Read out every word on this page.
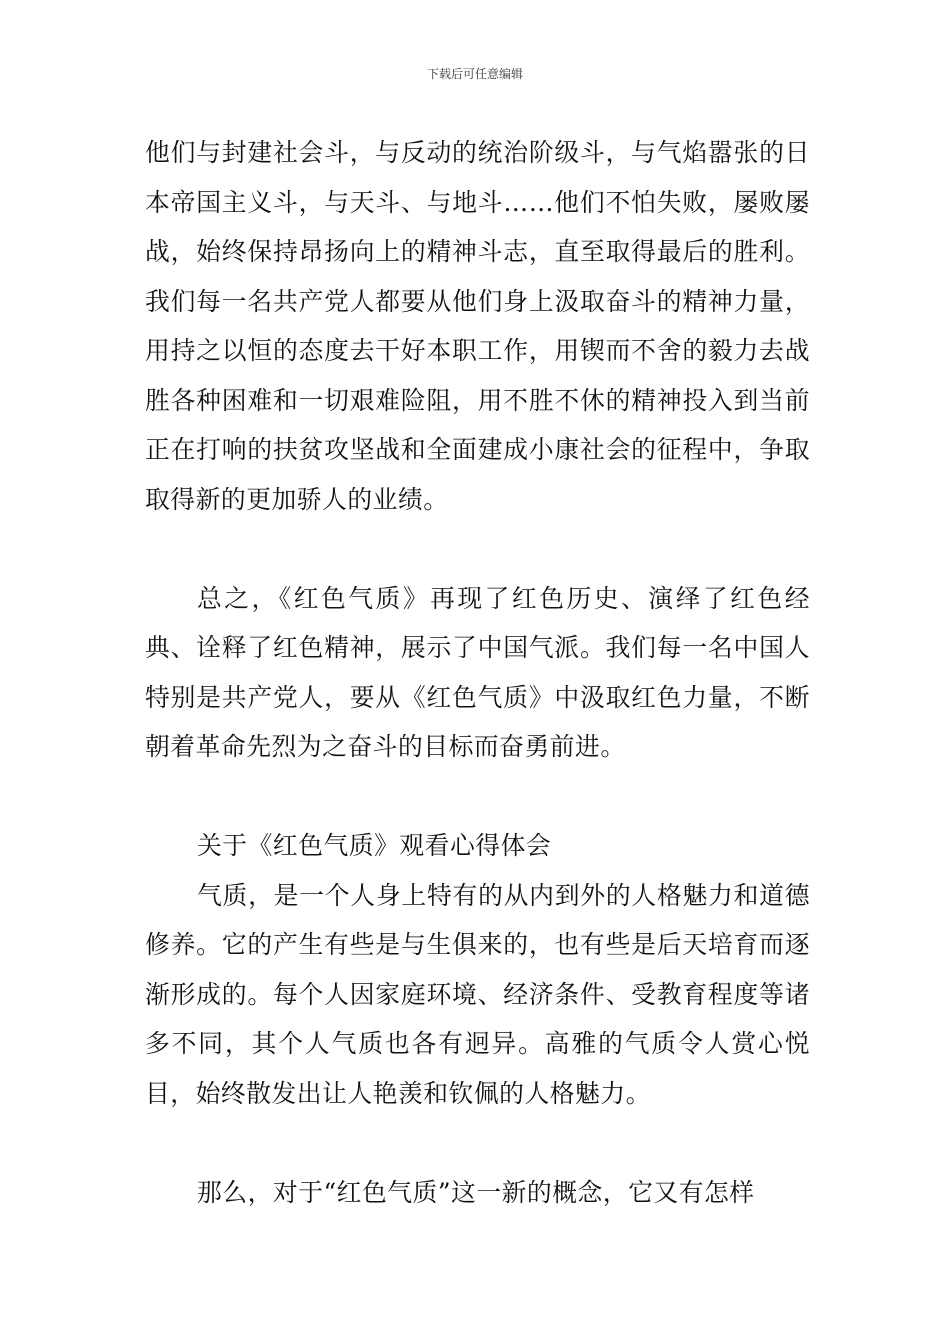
下载后可任意编辑

他们与封建社会斗，与反动的统治阶级斗，与气焰嚣张的日本帝国主义斗，与天斗、与地斗……他们不怕失败，屡败屡战，始终保持昂扬向上的精神斗志，直至取得最后的胜利。我们每一名共产党人都要从他们身上汲取奋斗的精神力量，用持之以恒的态度去干好本职工作，用锲而不舍的毅力去战胜各种困难和一切艰难险阻，用不胜不休的精神投入到当前正在打响的扶贫攻坚战和全面建成小康社会的征程中，争取取得新的更加骄人的业绩。

总之，《红色气质》再现了红色历史、演绎了红色经典、诠释了红色精神，展示了中国气派。我们每一名中国人特别是共产党人，要从《红色气质》中汲取红色力量，不断朝着革命先烈为之奋斗的目标而奋勇前进。

关于《红色气质》观看心得体会

气质，是一个人身上特有的从内到外的人格魅力和道德修养。它的产生有些是与生俱来的，也有些是后天培育而逐渐形成的。每个人因家庭环境、经济条件、受教育程度等诸多不同，其个人气质也各有迥异。高雅的气质令人赏心悦目，始终散发出让人艳羡和钦佩的人格魅力。

那么，对于“红色气质”这一新的概念，它又有怎样
